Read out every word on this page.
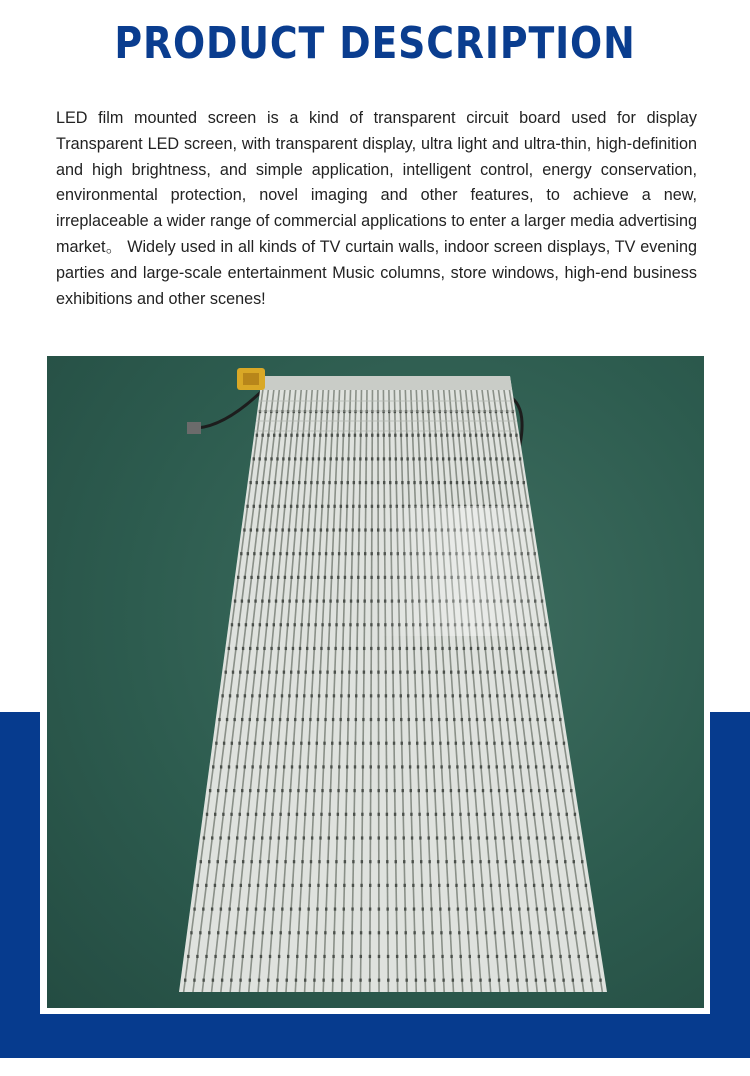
PRODUCT DESCRIPTION

LED film mounted screen is a kind of transparent circuit board used for display Transparent LED screen, with transparent display, ultra light and ultra-thin, high-definition and high brightness, and simple application, intelligent control, energy conservation, environmental protection, novel imaging and other features, to achieve a new, irreplaceable a wider range of commercial applications to enter a larger media advertising market。 Widely used in all kinds of TV curtain walls, indoor screen displays, TV evening parties and large-scale entertainment Music columns, store windows, high-end business exhibitions and other scenes!
